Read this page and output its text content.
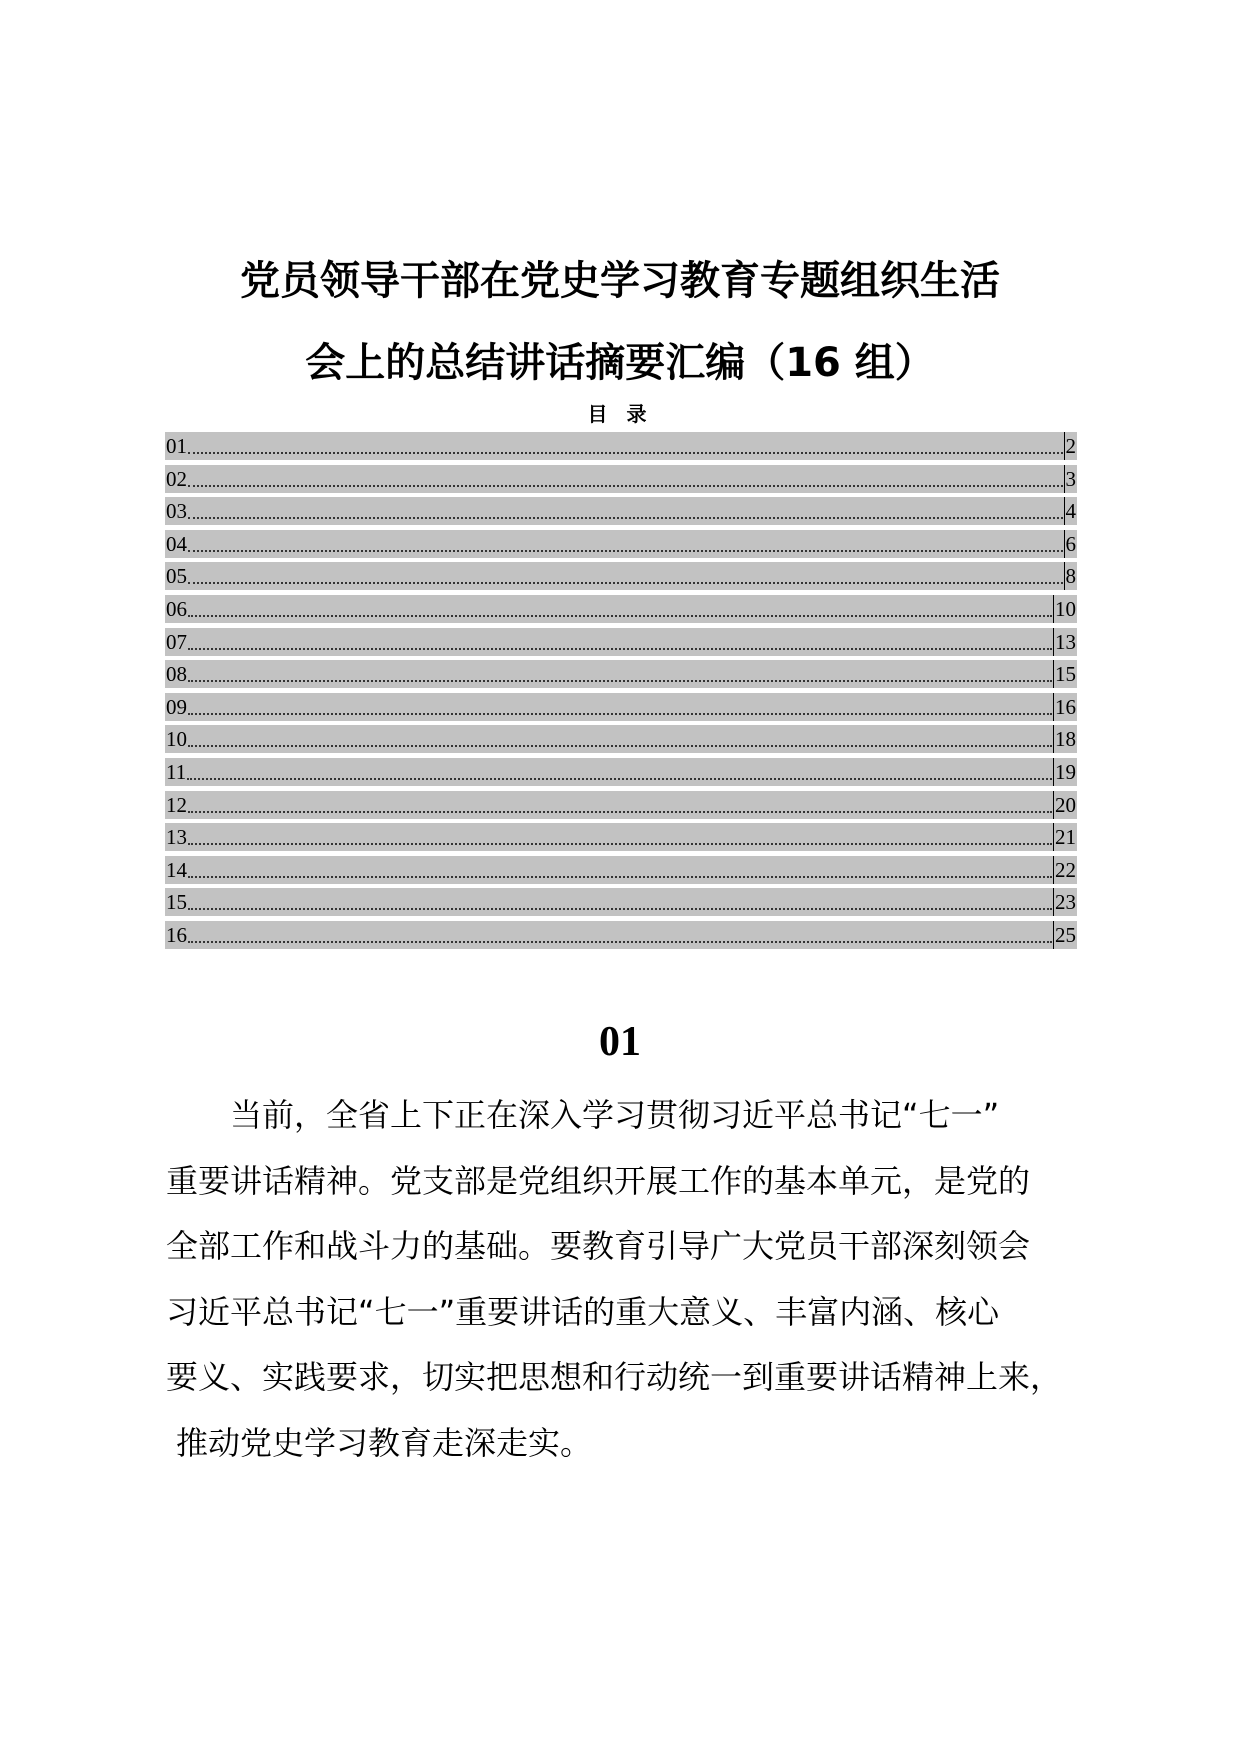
党员领导干部在党史学习教育专题组织生活
会上的总结讲话摘要汇编（16 组）
目 录
01	2
02	3
03	4
04	6
05	8
06	10
07	13
08	15
09	16
10	18
11	19
12	20
13	21
14	22
15	23
16	25
01

当前，全省上下正在深入学习贯彻习近平总书记“七一”
重要讲话精神。党支部是党组织开展工作的基本单元，是党的
全部工作和战斗力的基础。要教育引导广大党员干部深刻领会
习近平总书记“七一”重要讲话的重大意义、丰富内涵、核心
要义、实践要求，切实把思想和行动统一到重要讲话精神上来，
推动党史学习教育走深走实。
